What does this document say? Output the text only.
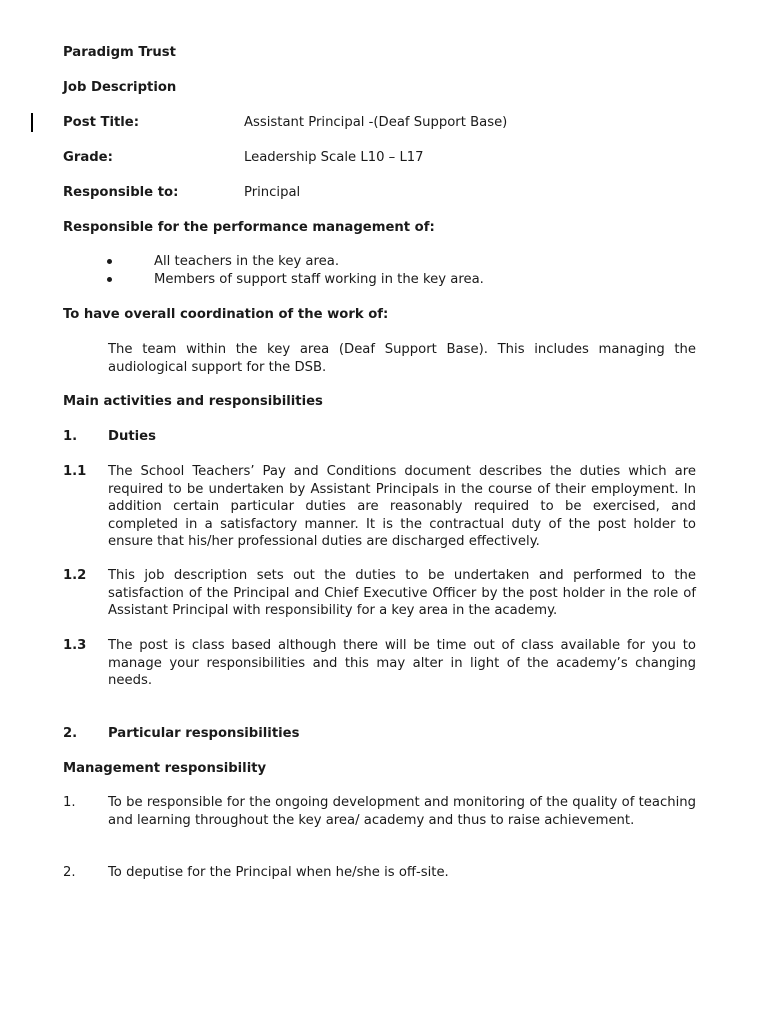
Paradigm Trust
Job Description
Post Title:	Assistant Principal -(Deaf Support Base)
Grade:	Leadership Scale L10 – L17
Responsible to:	Principal
Responsible for the performance management of:
All teachers in the key area.
Members of support staff working in the key area.
To have overall coordination of the work of:
The team within the key area (Deaf Support Base). This includes managing the audiological support for the DSB.
Main activities and responsibilities
1. Duties
1.1 The School Teachers’ Pay and Conditions document describes the duties which are required to be undertaken by Assistant Principals in the course of their employment. In addition certain particular duties are reasonably required to be exercised, and completed in a satisfactory manner. It is the contractual duty of the post holder to ensure that his/her professional duties are discharged effectively.
1.2 This job description sets out the duties to be undertaken and performed to the satisfaction of the Principal and Chief Executive Officer by the post holder in the role of Assistant Principal with responsibility for a key area in the academy.
1.3 The post is class based although there will be time out of class available for you to manage your responsibilities and this may alter in light of the academy’s changing needs.
2. Particular responsibilities
Management responsibility
1. To be responsible for the ongoing development and monitoring of the quality of teaching and learning throughout the key area/ academy and thus to raise achievement.
2. To deputise for the Principal when he/she is off-site.
